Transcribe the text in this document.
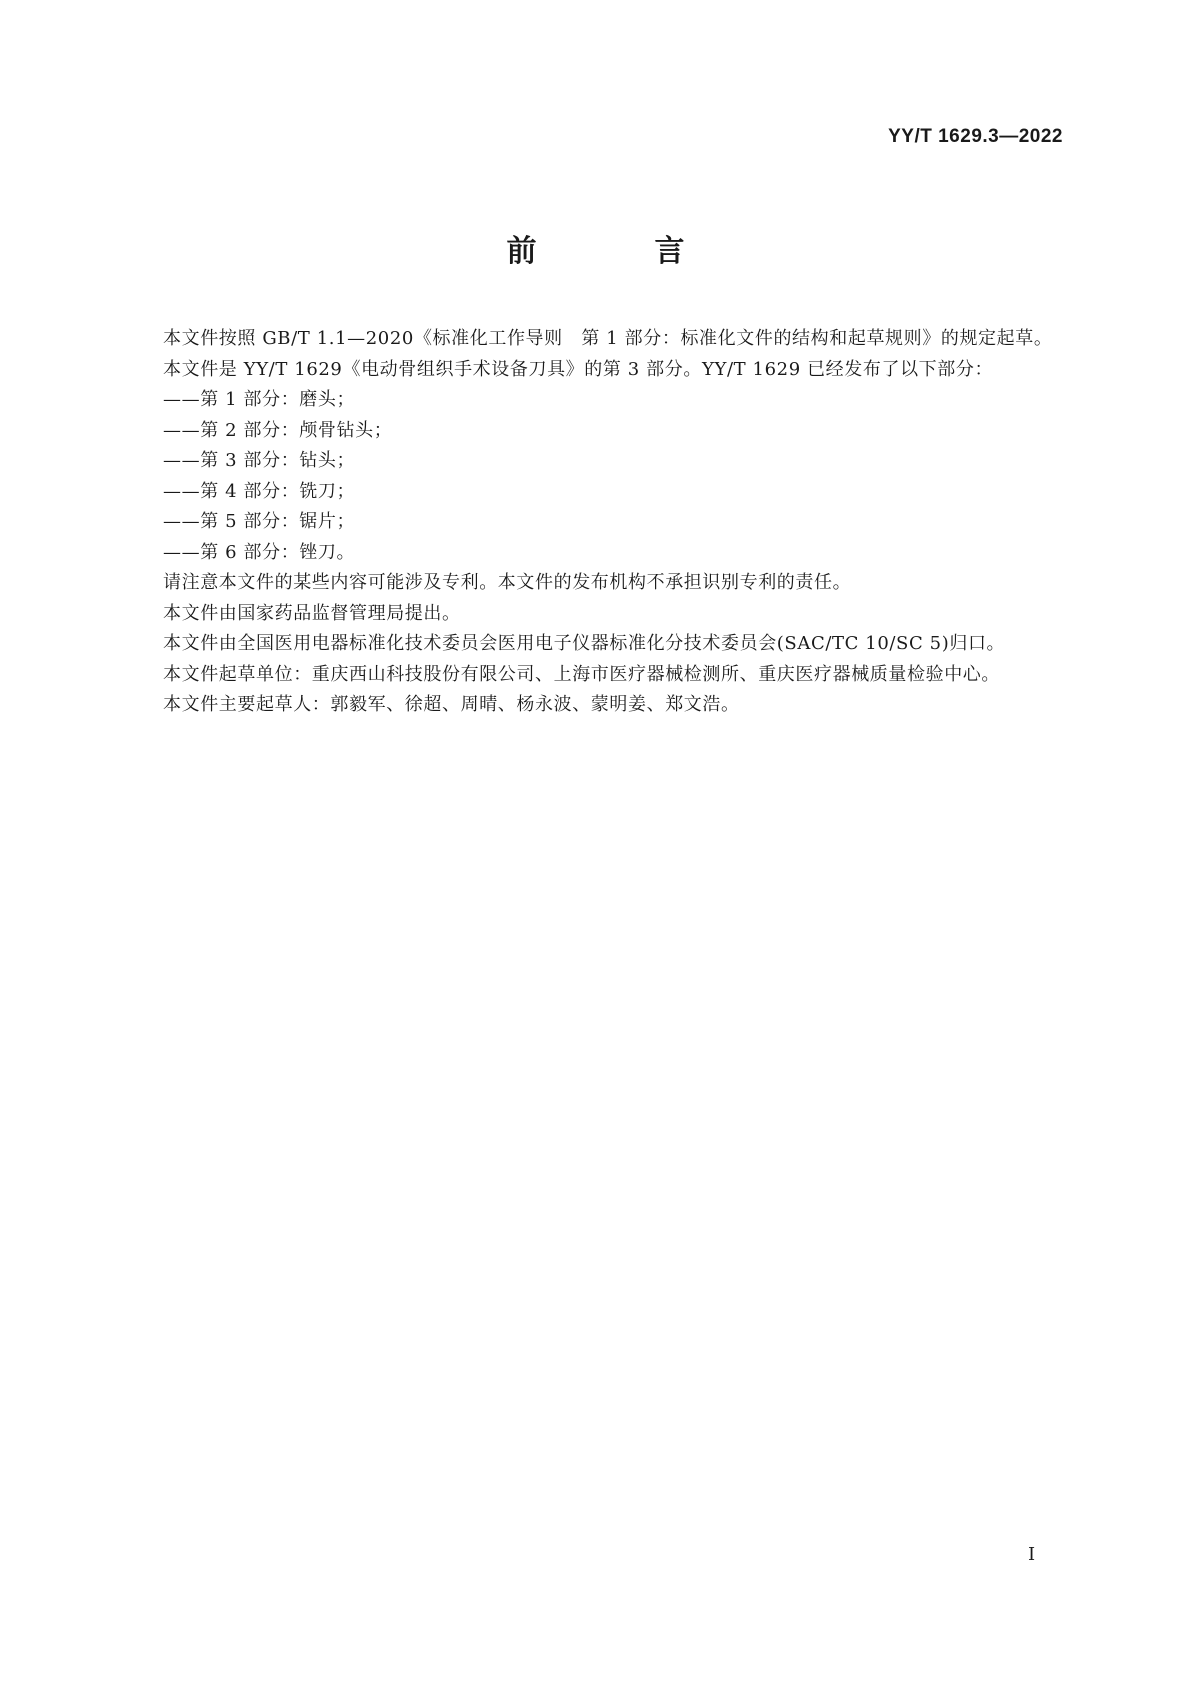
YY/T 1629.3—2022
前　言

本文件按照 GB/T 1.1—2020《标准化工作导则　第 1 部分：标准化文件的结构和起草规则》的规定起草。

本文件是 YY/T 1629《电动骨组织手术设备刀具》的第 3 部分。YY/T 1629 已经发布了以下部分：

——第 1 部分：磨头；

——第 2 部分：颅骨钻头；

——第 3 部分：钻头；

——第 4 部分：铣刀；

——第 5 部分：锯片；

——第 6 部分：锉刀。

请注意本文件的某些内容可能涉及专利。本文件的发布机构不承担识别专利的责任。

本文件由国家药品监督管理局提出。

本文件由全国医用电器标准化技术委员会医用电子仪器标准化分技术委员会(SAC/TC 10/SC 5)归口。

本文件起草单位：重庆西山科技股份有限公司、上海市医疗器械检测所、重庆医疗器械质量检验中心。

本文件主要起草人：郭毅军、徐超、周晴、杨永波、蒙明姜、郑文浩。

I
